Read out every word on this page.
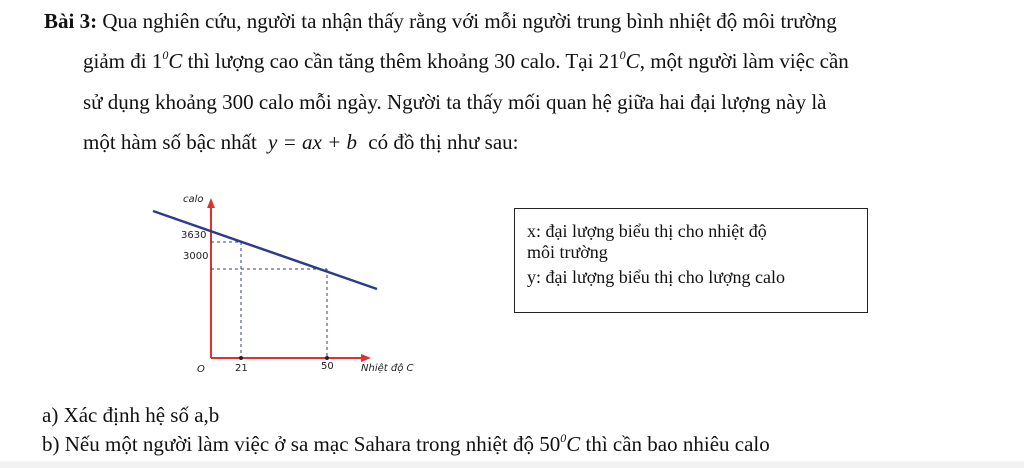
Bài 3: Qua nghiên cứu, người ta nhận thấy rằng với mỗi người trung bình nhiệt độ môi trường
giảm đi $1^0C$ thì lượng cao cần tăng thêm khoảng 30 calo. Tại $21^0C$, một người làm việc cần
sử dụng khoảng 300 calo mỗi ngày. Người ta thấy mối quan hệ giữa hai đại lượng này là
một hàm số bậc nhất y = ax + b có đồ thị như sau:
calo
3630
3000
O	21	50	Nhiệt độ C
x: đại lượng biểu thị cho nhiệt độ
môi trường
y: đại lượng biểu thị cho lượng calo
a) Xác định hệ số a,b
b) Nếu một người làm việc ở sa mạc Sahara trong nhiệt độ $50^0C$ thì cần bao nhiêu calo
